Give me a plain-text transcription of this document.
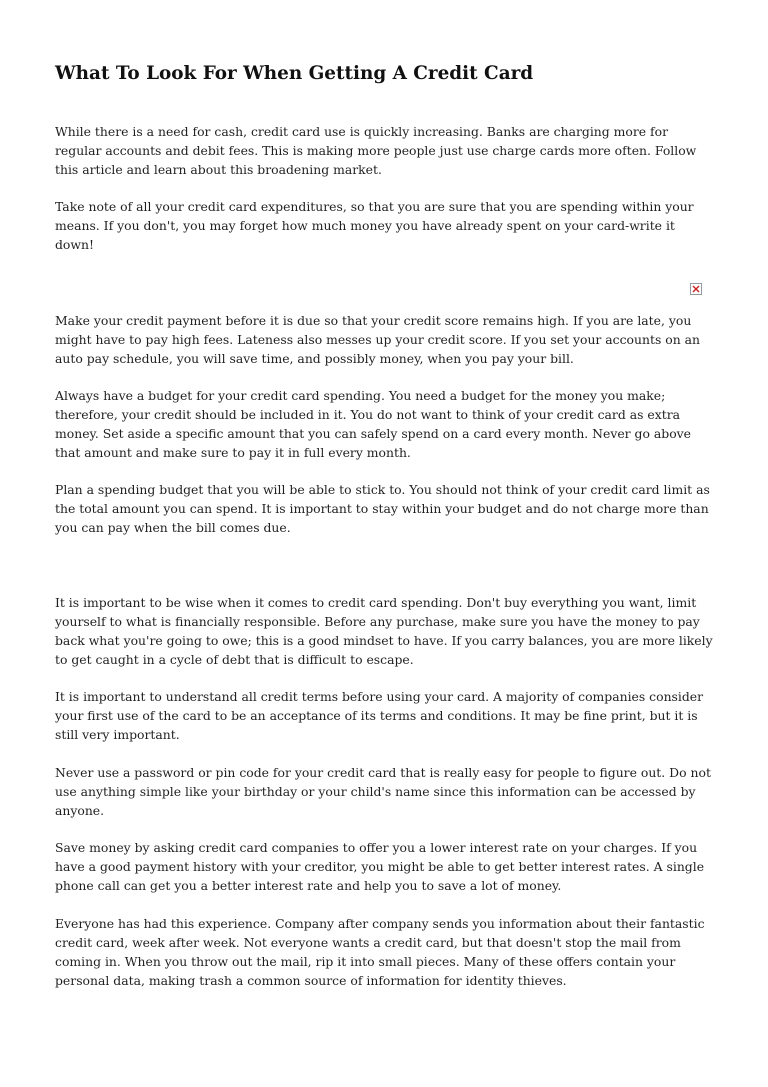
What To Look For When Getting A Credit Card

While there is a need for cash, credit card use is quickly increasing. Banks are charging more for regular accounts and debit fees. This is making more people just use charge cards more often. Follow this article and learn about this broadening market.

Take note of all your credit card expenditures, so that you are sure that you are spending within your means. If you don't, you may forget how much money you have already spent on your card-write it down!

Make your credit payment before it is due so that your credit score remains high. If you are late, you might have to pay high fees. Lateness also messes up your credit score. If you set your accounts on an auto pay schedule, you will save time, and possibly money, when you pay your bill.

Always have a budget for your credit card spending. You need a budget for the money you make; therefore, your credit should be included in it. You do not want to think of your credit card as extra money. Set aside a specific amount that you can safely spend on a card every month. Never go above that amount and make sure to pay it in full every month.

Plan a spending budget that you will be able to stick to. You should not think of your credit card limit as the total amount you can spend. It is important to stay within your budget and do not charge more than you can pay when the bill comes due.

It is important to be wise when it comes to credit card spending. Don't buy everything you want, limit yourself to what is financially responsible. Before any purchase, make sure you have the money to pay back what you're going to owe; this is a good mindset to have. If you carry balances, you are more likely to get caught in a cycle of debt that is difficult to escape.

It is important to understand all credit terms before using your card. A majority of companies consider your first use of the card to be an acceptance of its terms and conditions. It may be fine print, but it is still very important.

Never use a password or pin code for your credit card that is really easy for people to figure out. Do not use anything simple like your birthday or your child's name since this information can be accessed by anyone.

Save money by asking credit card companies to offer you a lower interest rate on your charges. If you have a good payment history with your creditor, you might be able to get better interest rates. A single phone call can get you a better interest rate and help you to save a lot of money.

Everyone has had this experience. Company after company sends you information about their fantastic credit card, week after week. Not everyone wants a credit card, but that doesn't stop the mail from coming in. When you throw out the mail, rip it into small pieces. Many of these offers contain your personal data, making trash a common source of information for identity thieves.
